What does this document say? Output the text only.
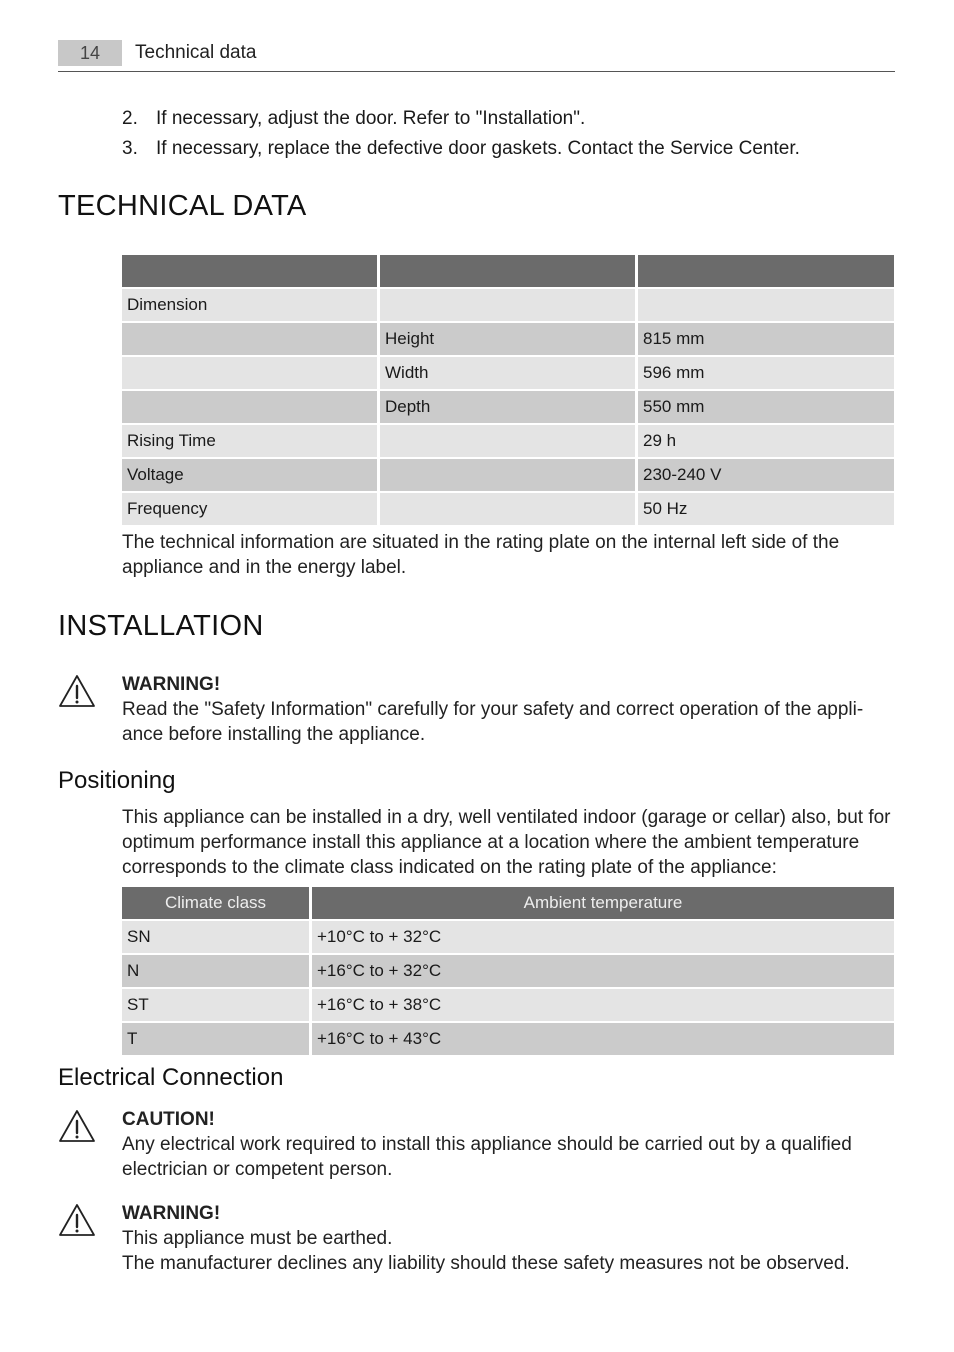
14	Technical data
2. If necessary, adjust the door. Refer to "Installation".
3. If necessary, replace the defective door gaskets. Contact the Service Center.
TECHNICAL DATA

Dimension		
	Height	815 mm
	Width	596 mm
	Depth	550 mm
Rising Time		29 h
Voltage		230-240 V
Frequency		50 Hz

The technical information are situated in the rating plate on the internal left side of the appliance and in the energy label.

INSTALLATION
WARNING!
Read the "Safety Information" carefully for your safety and correct operation of the appli- ance before installing the appliance.
Positioning

This appliance can be installed in a dry, well ventilated indoor (garage or cellar) also, but for optimum performance install this appliance at a location where the ambient temperature corresponds to the climate class indicated on the rating plate of the appliance:

Climate class	Ambient temperature
SN	+10°C to + 32°C
N	+16°C to + 32°C
ST	+16°C to + 38°C
T	+16°C to + 43°C
Electrical Connection
CAUTION!
Any electrical work required to install this appliance should be carried out by a qualified electrician or competent person.
WARNING!
This appliance must be earthed.
The manufacturer declines any liability should these safety measures not be observed.
